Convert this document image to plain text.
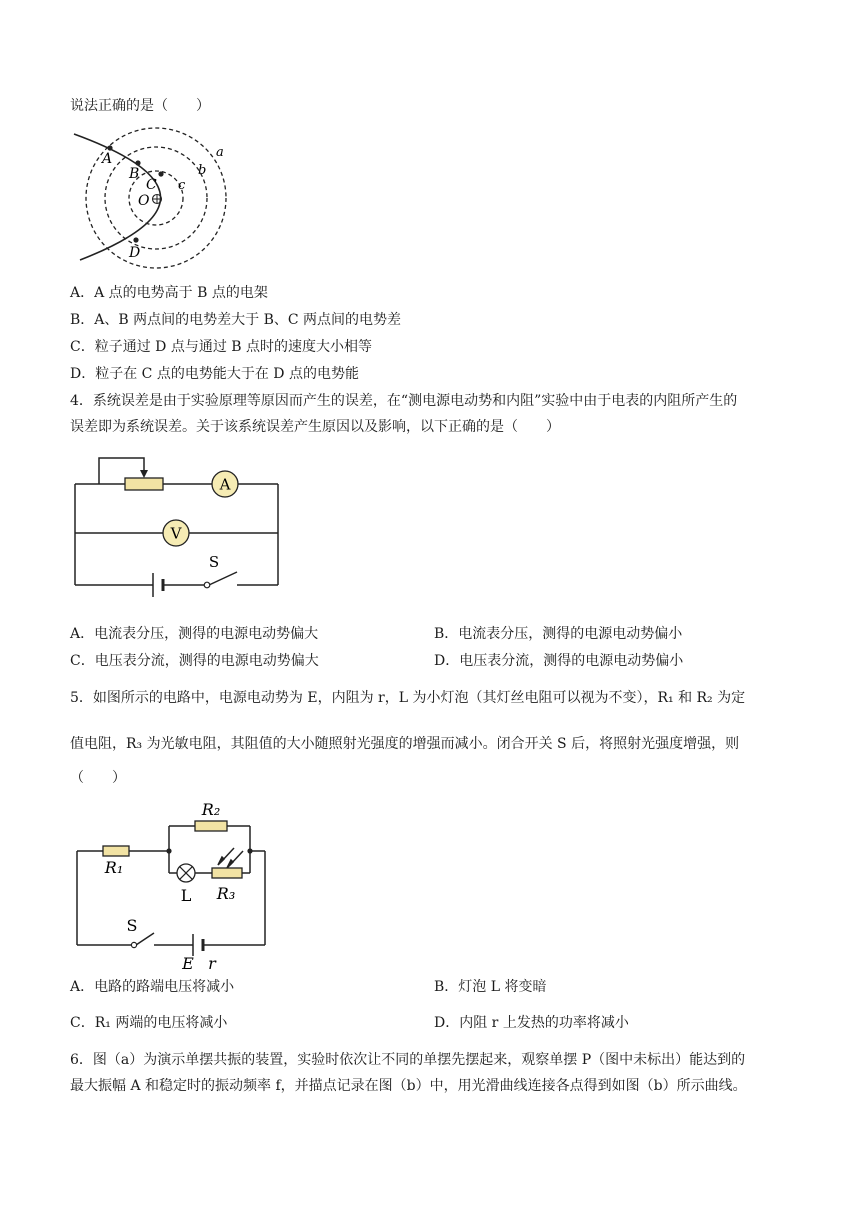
说法正确的是（　　）
A
B
C
O
D
a
b
c
A．A 点的电势高于 B 点的电架
B．A、B 两点间的电势差大于 B、C 两点间的电势差
C．粒子通过 D 点与通过 B 点时的速度大小相等
D．粒子在 C 点的电势能大于在 D 点的电势能
4．系统误差是由于实验原理等原因而产生的误差，在“测电源电动势和内阻”实验中由于电表的内阻所产生的
误差即为系统误差。关于该系统误差产生原因以及影响，以下正确的是（　　）
A
V
S
A．电流表分压，测得的电源电动势偏大	B．电流表分压，测得的电源电动势偏小
C．电压表分流，测得的电源电动势偏大	D．电压表分流，测得的电源电动势偏小
5．如图所示的电路中，电源电动势为 E，内阻为 r，L 为小灯泡（其灯丝电阻可以视为不变），R₁ 和 R₂ 为定
值电阻，R₃ 为光敏电阻，其阻值的大小随照射光强度的增强而减小。闭合开关 S 后，将照射光强度增强，则
（　　）
R₁
R₂
L R₃
S
E r
A．电路的路端电压将减小	B．灯泡 L 将变暗
C．R₁ 两端的电压将减小	D．内阻 r 上发热的功率将减小
6．图（a）为演示单摆共振的装置，实验时依次让不同的单摆先摆起来，观察单摆 P（图中未标出）能达到的
最大振幅 A 和稳定时的振动频率 f，并描点记录在图（b）中，用光滑曲线连接各点得到如图（b）所示曲线。
